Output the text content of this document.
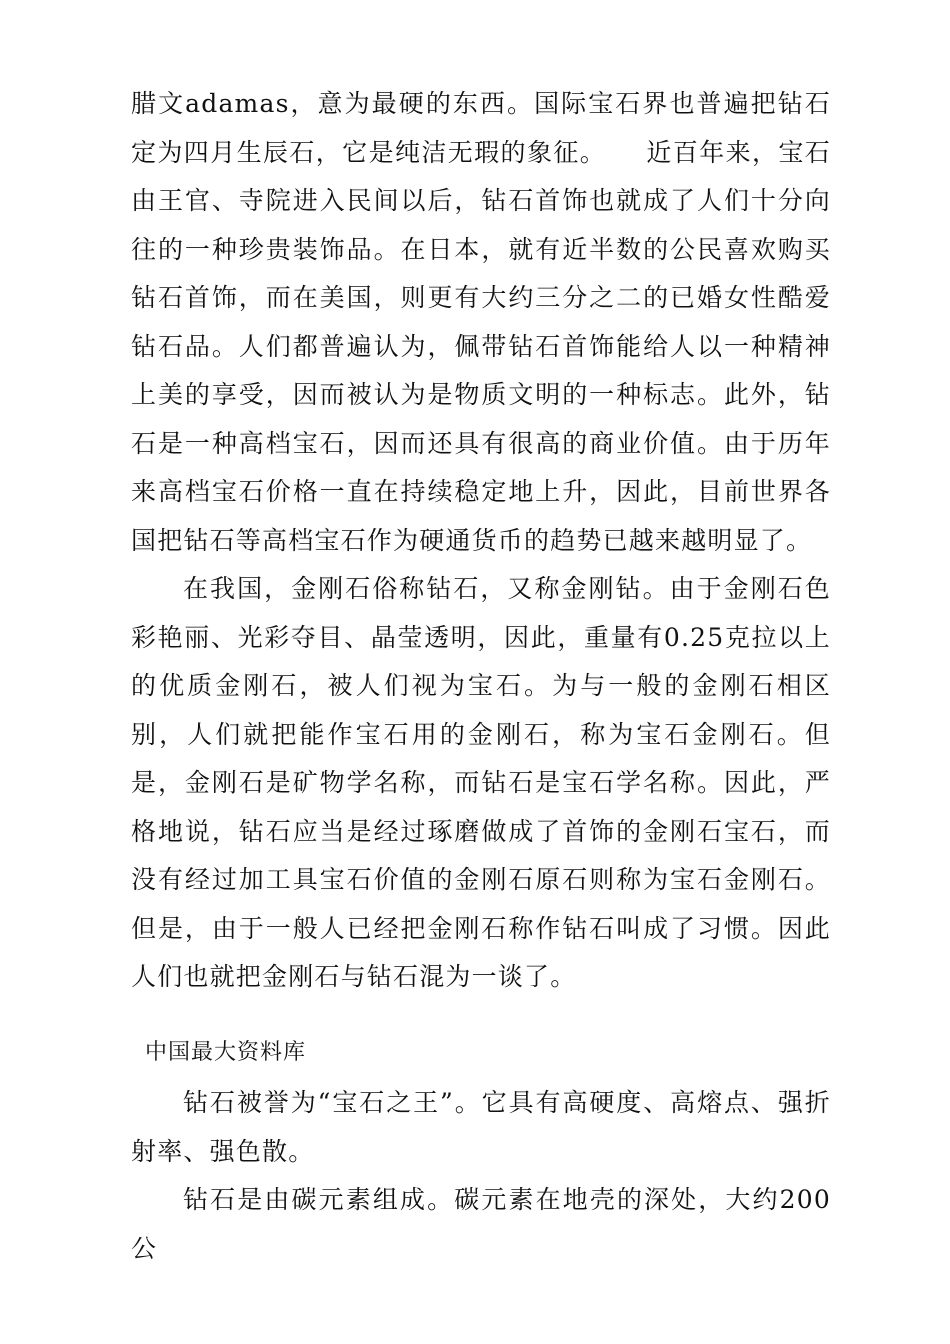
腊文adamas，意为最硬的东西。国际宝石界也普遍把钻石定为四月生辰石，它是纯洁无瑕的象征。　　近百年来，宝石由王官、寺院进入民间以后，钻石首饰也就成了人们十分向往的一种珍贵装饰品。在日本，就有近半数的公民喜欢购买钻石首饰，而在美国，则更有大约三分之二的已婚女性酷爱钻石品。人们都普遍认为，佩带钻石首饰能给人以一种精神上美的享受，因而被认为是物质文明的一种标志。此外，钻石是一种高档宝石，因而还具有很高的商业价值。由于历年来高档宝石价格一直在持续稳定地上升，因此，目前世界各国把钻石等高档宝石作为硬通货币的趋势已越来越明显了。

在我国，金刚石俗称钻石，又称金刚钻。由于金刚石色彩艳丽、光彩夺目、晶莹透明，因此，重量有0.25克拉以上的优质金刚石，被人们视为宝石。为与一般的金刚石相区别，人们就把能作宝石用的金刚石，称为宝石金刚石。但是，金刚石是矿物学名称，而钻石是宝石学名称。因此，严格地说，钻石应当是经过琢磨做成了首饰的金刚石宝石，而没有经过加工具宝石价值的金刚石原石则称为宝石金刚石。但是，由于一般人已经把金刚石称作钻石叫成了习惯。因此人们也就把金刚石与钻石混为一谈了。

中国最大资料库

钻石被誉为“宝石之王”。它具有高硬度、高熔点、强折射率、强色散。

钻石是由碳元素组成。碳元素在地壳的深处，大约200公
